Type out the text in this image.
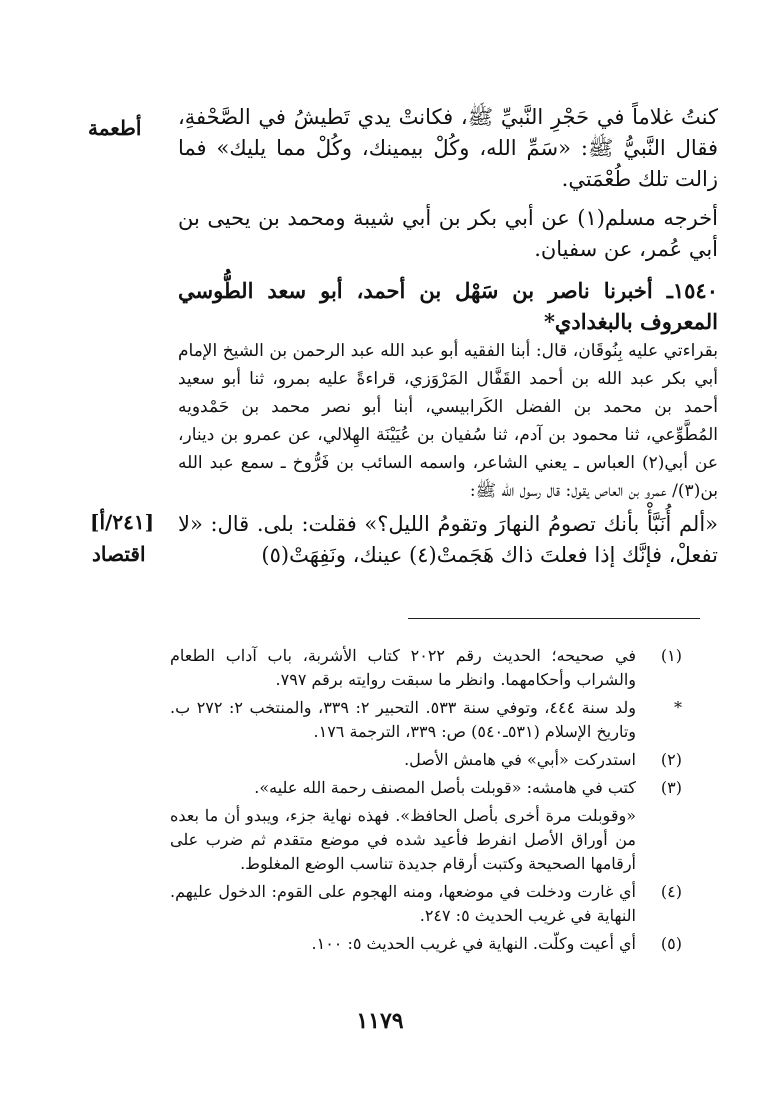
أطعمة
[٢٤١/أ]
اقتصاد

كنتُ غلاماً في حَجْرِ النَّبيِّ ﷺ، فكانتْ يدي تَطيشُ في الصَّحْفةِ، فقال النَّبيُّ ﷺ: «سَمِّ الله، وكُلْ بيمينك، وكُلْ مما يليك» فما زالت تلك طُعْمَتي.

أخرجه مسلم(١) عن أبي بكر بن أبي شيبة ومحمد بن يحيى بن أبي عُمر، عن سفيان.

١٥٤٠ـ أخبرنا ناصر بن سَهْل بن أحمد، أبو سعد الطُّوسي المعروف بالبغدادي*

بقراءتي عليه بِنُوقَان، قال: أبنا الفقيه أبو عبد الله عبد الرحمن بن الشيخ الإمام أبي بكر عبد الله بن أحمد القَفَّال المَرْوَزي، قراءةً عليه بمرو، ثنا أبو سعيد أحمد بن محمد بن الفضل الكَرابيسي، أبنا أبو نصر محمد بن حَمْدويه المُطَّوِّعي، ثنا محمود بن آدم، ثنا سُفيان بن عُيَيْنَة الهِلالي، عن عمرو بن دينار، عن أبي(٢) العباس ـ يعني الشاعر، واسمه السائب بن فَرُّوخ ـ سمع عبد الله بن(٣)/ عمرو بن العاص يقول: قال رسول الله ﷺ:

«ألم أُنَبَّأْ بأنك تصومُ النهارَ وتقومُ الليل؟» فقلت: بلى. قال: «لا تفعلْ، فإنَّك إذا فعلتَ ذاك هَجَمتْ(٤) عينك، ونَفِهَتْ(٥)

(١)
في صحيحه؛ الحديث رقم ٢٠٢٢ كتاب الأشربة، باب آداب الطعام والشراب وأحكامهما. وانظر ما سبقت روايته برقم ٧٩٧.
*
ولد سنة ٤٤٤، وتوفي سنة ٥٣٣. التحبير ٢: ٣٣٩، والمنتخب ٢: ٢٧٢ ب. وتاريخ الإسلام (٥٣١ـ٥٤٠) ص: ٣٣٩، الترجمة ١٧٦.
(٢)
استدركت «أبي» في هامش الأصل.
(٣)
كتب في هامشه: «قوبلت بأصل المصنف رحمة الله عليه».
«وقوبلت مرة أخرى بأصل الحافظ». فهذه نهاية جزء، ويبدو أن ما بعده من أوراق الأصل انفرط فأعيد شده في موضع متقدم ثم ضرب على أرقامها الصحيحة وكتبت أرقام جديدة تناسب الوضع المغلوط.
(٤)
أي غارت ودخلت في موضعها، ومنه الهجوم على القوم: الدخول عليهم. النهاية في غريب الحديث ٥: ٢٤٧.
(٥)
أي أعيت وكلّت. النهاية في غريب الحديث ٥: ١٠٠.
١١٧٩
